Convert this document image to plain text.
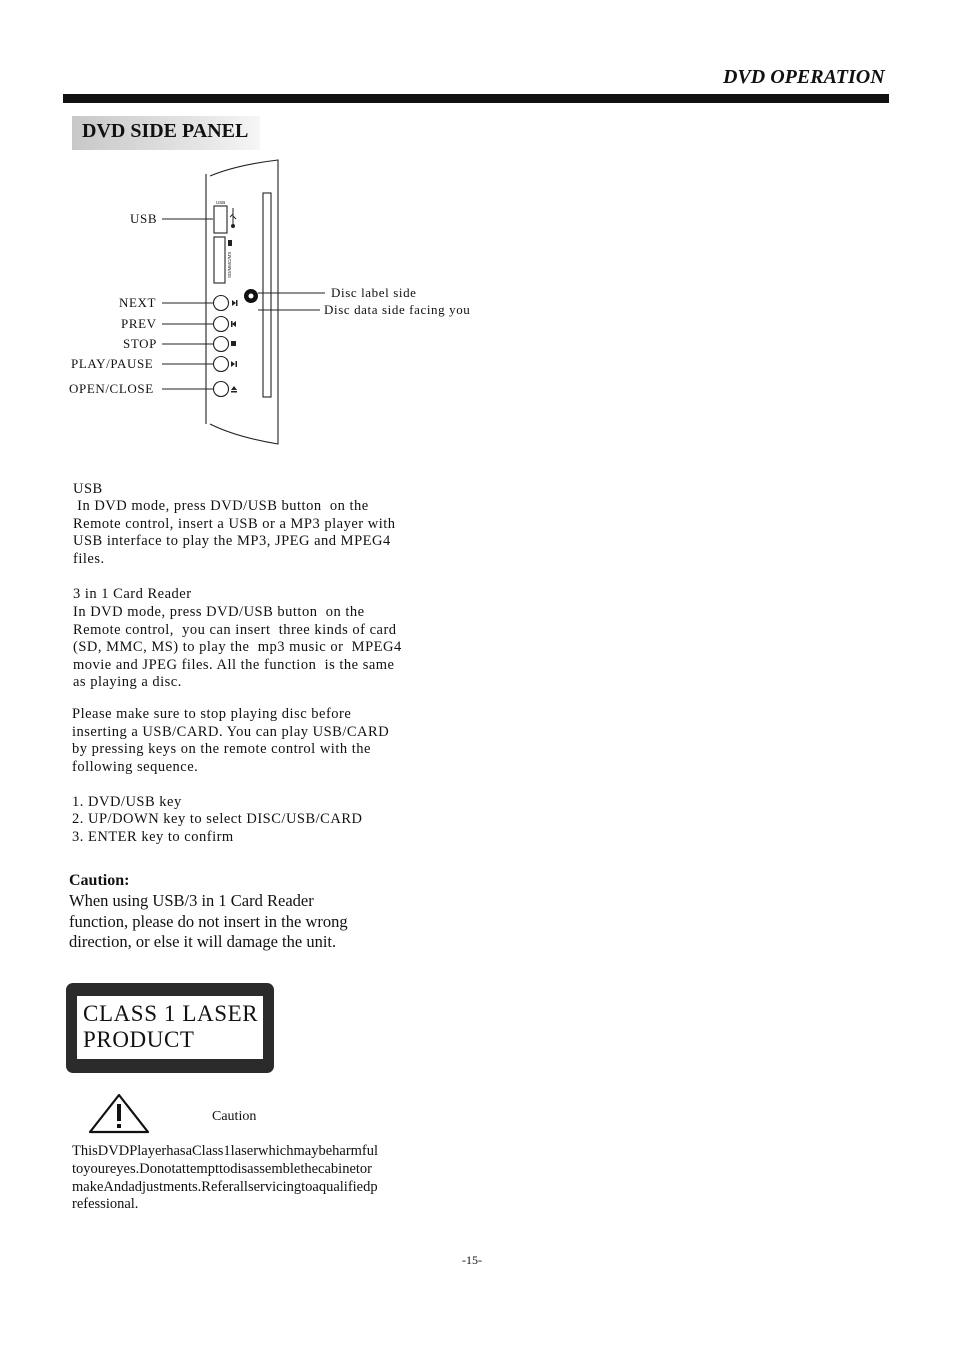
DVD OPERATION
DVD SIDE PANEL
USB
SD/MMC/MS
USB
NEXT
PREV
STOP
PLAY/PAUSE
OPEN/CLOSE
Disc label side
Disc data side facing you
USB
In DVD mode, press DVD/USB button  on the
Remote control, insert a USB or a MP3 player with
USB interface to play the MP3, JPEG and MPEG4
files.
3 in 1 Card Reader
In DVD mode, press DVD/USB button  on the
Remote control,  you can insert  three kinds of card
(SD, MMC, MS) to play the  mp3 music or  MPEG4
movie and JPEG files. All the function  is the same
as playing a disc.
Please make sure to stop playing disc before
inserting a USB/CARD. You can play USB/CARD
by pressing keys on the remote control with the
following sequence.
1. DVD/USB key
2. UP/DOWN key to select DISC/USB/CARD
3. ENTER key to confirm
Caution:
When using USB/3 in 1 Card Reader
function, please do not insert in the wrong
direction, or else it will damage the unit.
CLASS 1 LASER
PRODUCT
Caution
ThisDVDPlayerhasaClass1laserwhichmaybeharmful
toyoureyes.Donotattempttodisassemblethecabinetor
makeAndadjustments.Referallservicingtoaqualifiedp
refessional.
-15-
